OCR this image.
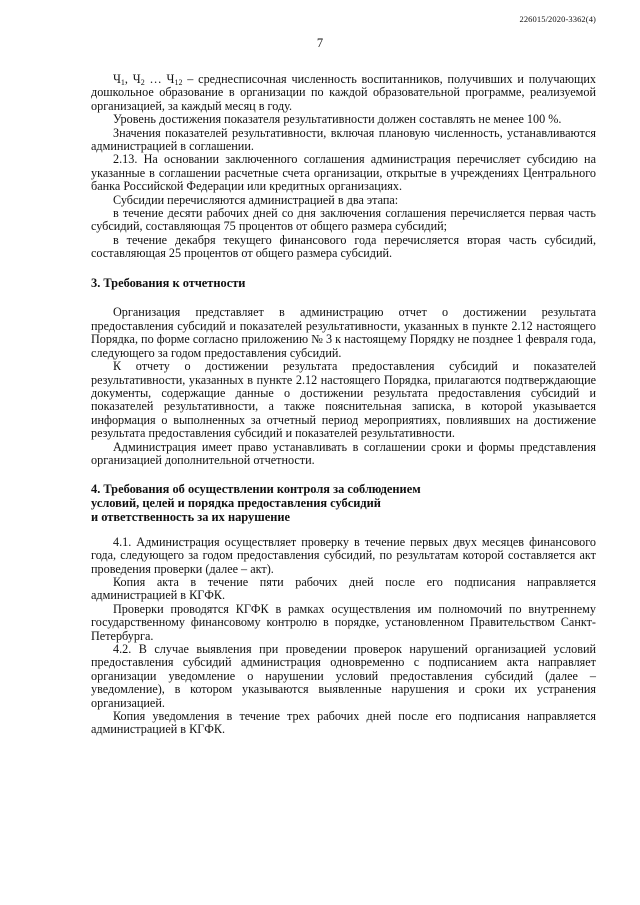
226015/2020-3362(4)
7

$Ч_1$, $Ч_2$ … $Ч_{12}$ – среднесписочная численность воспитанников, получивших и получающих дошкольное образование в организации по каждой образовательной программе, реализуемой организацией, за каждый месяц в году.

Уровень достижения показателя результативности должен составлять не менее 100 %.

Значения показателей результативности, включая плановую численность, устанавливаются администрацией в соглашении.

2.13. На основании заключенного соглашения администрация перечисляет субсидию на указанные в соглашении расчетные счета организации, открытые в учреждениях Центрального банка Российской Федерации или кредитных организациях.

Субсидии перечисляются администрацией в два этапа:

в течение десяти рабочих дней со дня заключения соглашения перечисляется первая часть субсидий, составляющая 75 процентов от общего размера субсидий;

в течение декабря текущего финансового года перечисляется вторая часть субсидий, составляющая 25 процентов от общего размера субсидий.

3. Требования к отчетности

Организация представляет в администрацию отчет о достижении результата предоставления субсидий и показателей результативности, указанных в пункте 2.12 настоящего Порядка, по форме согласно приложению № 3 к настоящему Порядку не позднее 1 февраля года, следующего за годом предоставления субсидий.

К отчету о достижении результата предоставления субсидий и показателей результативности, указанных в пункте 2.12 настоящего Порядка, прилагаются подтверждающие документы, содержащие данные о достижении результата предоставления субсидий и показателей результативности, а также пояснительная записка, в которой указывается информация о выполненных за отчетный период мероприятиях, повлиявших на достижение результата предоставления субсидий и показателей результативности.

Администрация имеет право устанавливать в соглашении сроки и формы представления организацией дополнительной отчетности.

4. Требования об осуществлении контроля за соблюдением

условий, целей и порядка предоставления субсидий

и ответственность за их нарушение

4.1. Администрация осуществляет проверку в течение первых двух месяцев финансового года, следующего за годом предоставления субсидий, по результатам которой составляется акт проведения проверки (далее – акт).

Копия акта в течение пяти рабочих дней после его подписания направляется администрацией в КГФК.

Проверки проводятся КГФК в рамках осуществления им полномочий по внутреннему государственному финансовому контролю в порядке, установленном Правительством Санкт-Петербурга.

4.2. В случае выявления при проведении проверок нарушений организацией условий предоставления субсидий администрация одновременно с подписанием акта направляет организации уведомление о нарушении условий предоставления субсидий (далее – уведомление), в котором указываются выявленные нарушения и сроки их устранения организацией.

Копия уведомления в течение трех рабочих дней после его подписания направляется администрацией в КГФК.
